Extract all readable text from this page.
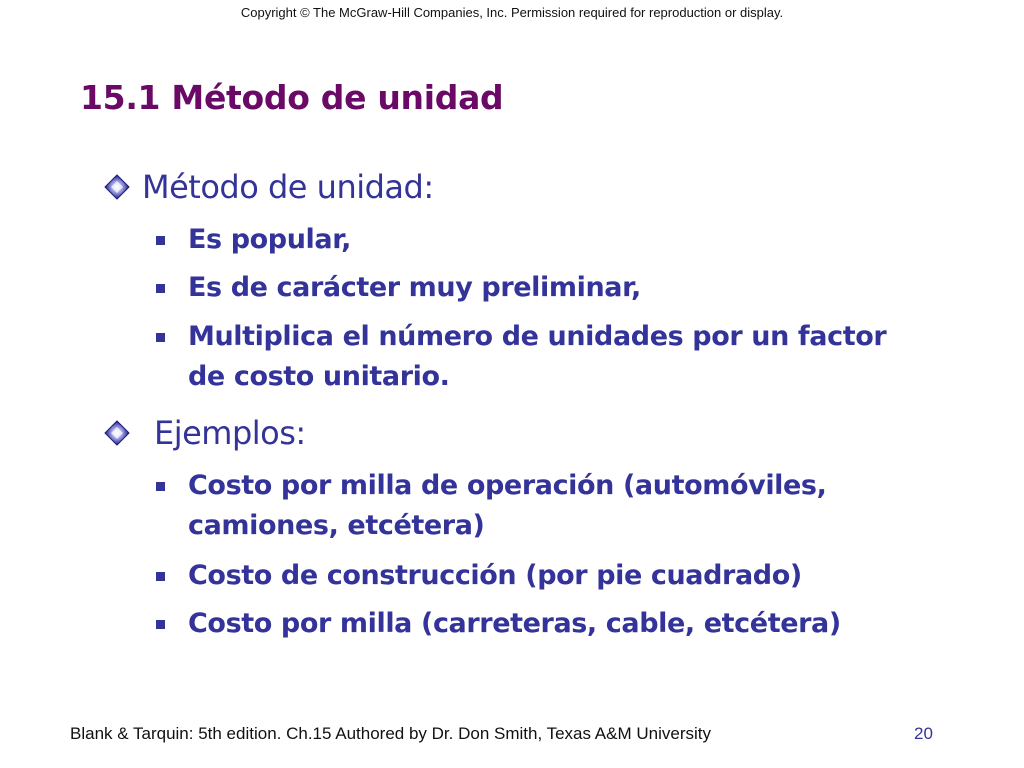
Copyright © The McGraw-Hill Companies, Inc. Permission required for reproduction or display.
15.1 Método de unidad
Método de unidad:
Es popular,
Es de carácter muy preliminar,
Multiplica el número de unidades por un factor de costo unitario.
Ejemplos:
Costo por milla de operación (automóviles, camiones, etcétera)
Costo de construcción (por pie cuadrado)
Costo por milla (carreteras, cable, etcétera)
Blank & Tarquin: 5th edition. Ch.15 Authored by Dr. Don Smith, Texas A&M University	20
